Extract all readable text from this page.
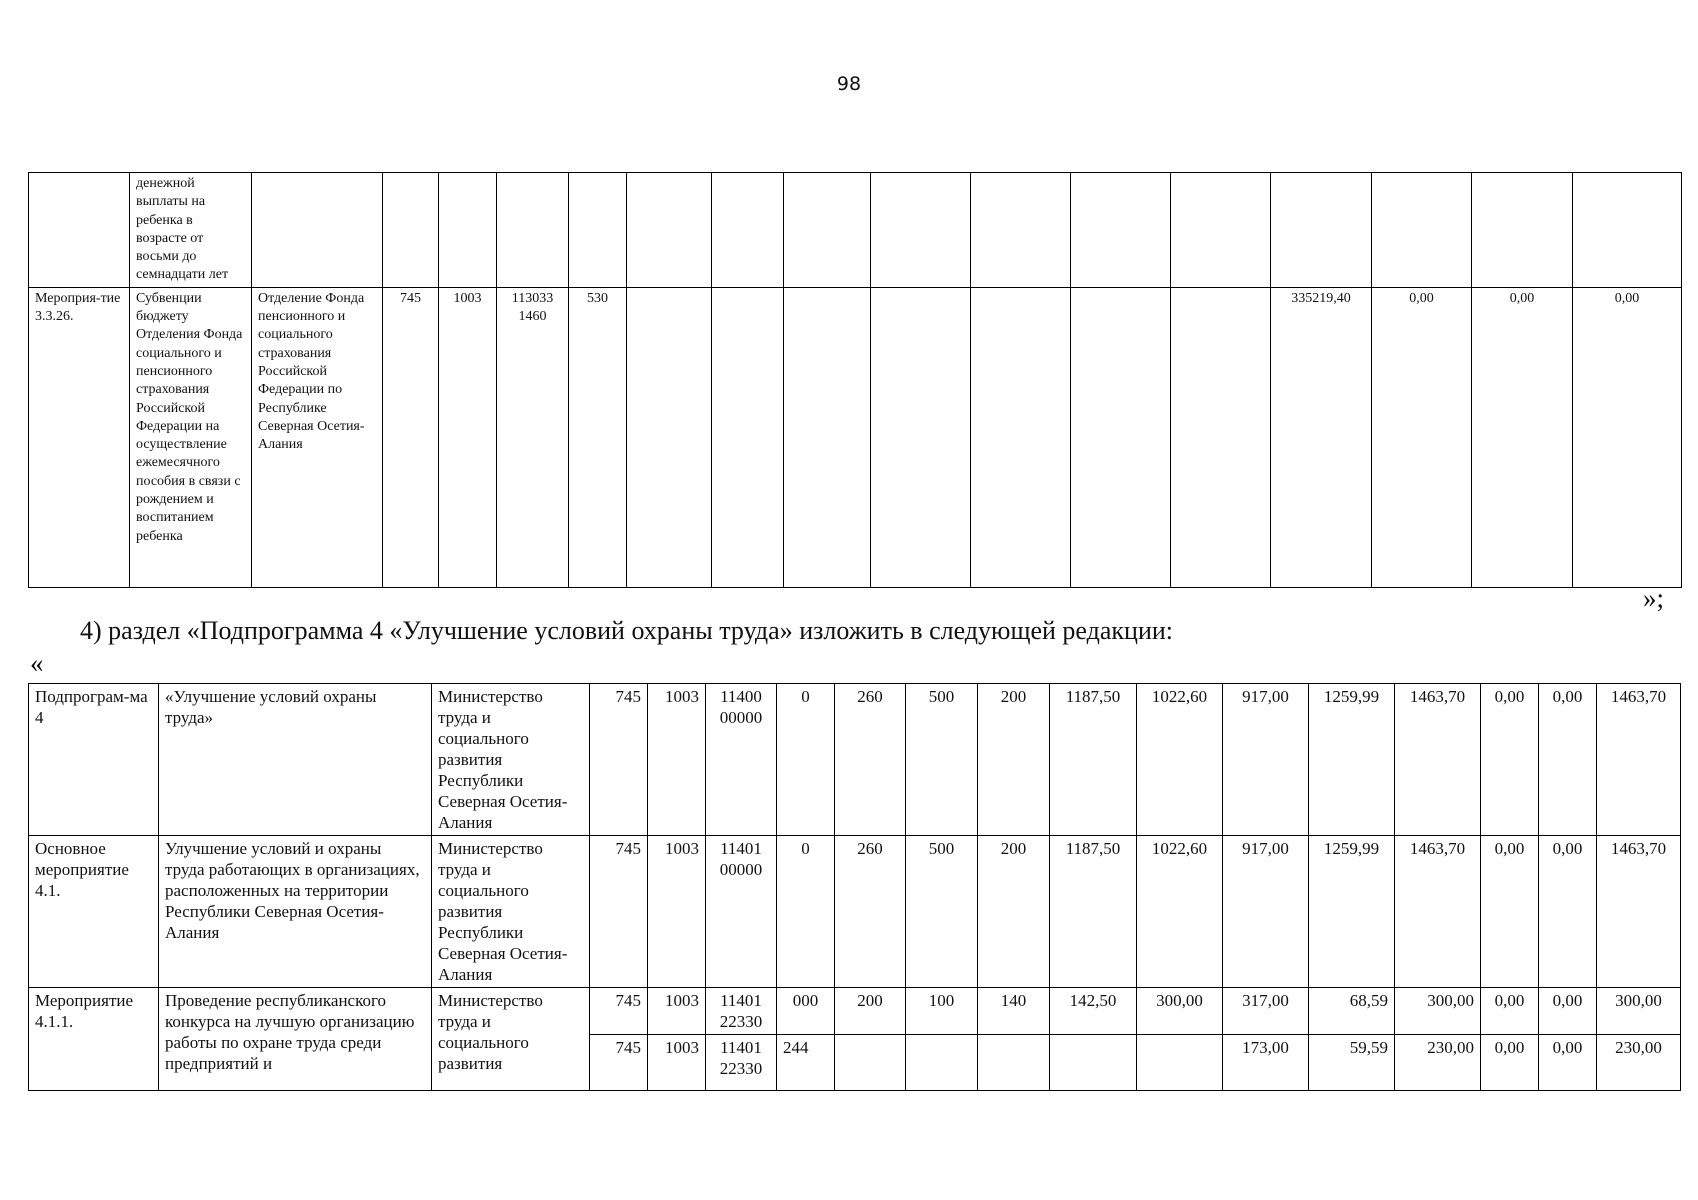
98
	денежной выплаты на ребенка в возрасте от восьми до семнадцати лет																
Мероприя-тие 3.3.26.	Субвенции бюджету Отделения Фонда социального и пенсионного страхования Российской Федерации на осуществление ежемесячного пособия в связи с рождением и воспитанием ребенка	Отделение Фонда пенсионного и социального страхования Российской Федерации по Республике Северная Осетия-Алания	745	1003	113033 1460	530								335219,40	0,00	0,00	0,00
»;
4) раздел «Подпрограмма 4 «Улучшение условий охраны труда» изложить в следующей редакции:
«
Подпрограм-ма 4	«Улучшение условий охраны труда»	Министерство труда и социального развития Республики Северная Осетия-Алания	745	1003	11400 00000	0	260	500	200	1187,50	1022,60	917,00	1259,99	1463,70	0,00	0,00	1463,70
Основное мероприятие 4.1.	Улучшение условий и охраны труда работающих в организациях, расположенных на территории Республики Северная Осетия-Алания	Министерство труда и социального развития Республики Северная Осетия-Алания	745	1003	11401 00000	0	260	500	200	1187,50	1022,60	917,00	1259,99	1463,70	0,00	0,00	1463,70
Мероприятие 4.1.1.	Проведение республиканского конкурса на лучшую организацию работы по охране труда среди предприятий и	Министерство труда и социального развития	745	1003	11401 22330	000	200	100	140	142,50	300,00	317,00	68,59	300,00	0,00	0,00	300,00
			745	1003	11401 22330	244						173,00	59,59	230,00	0,00	0,00	230,00
